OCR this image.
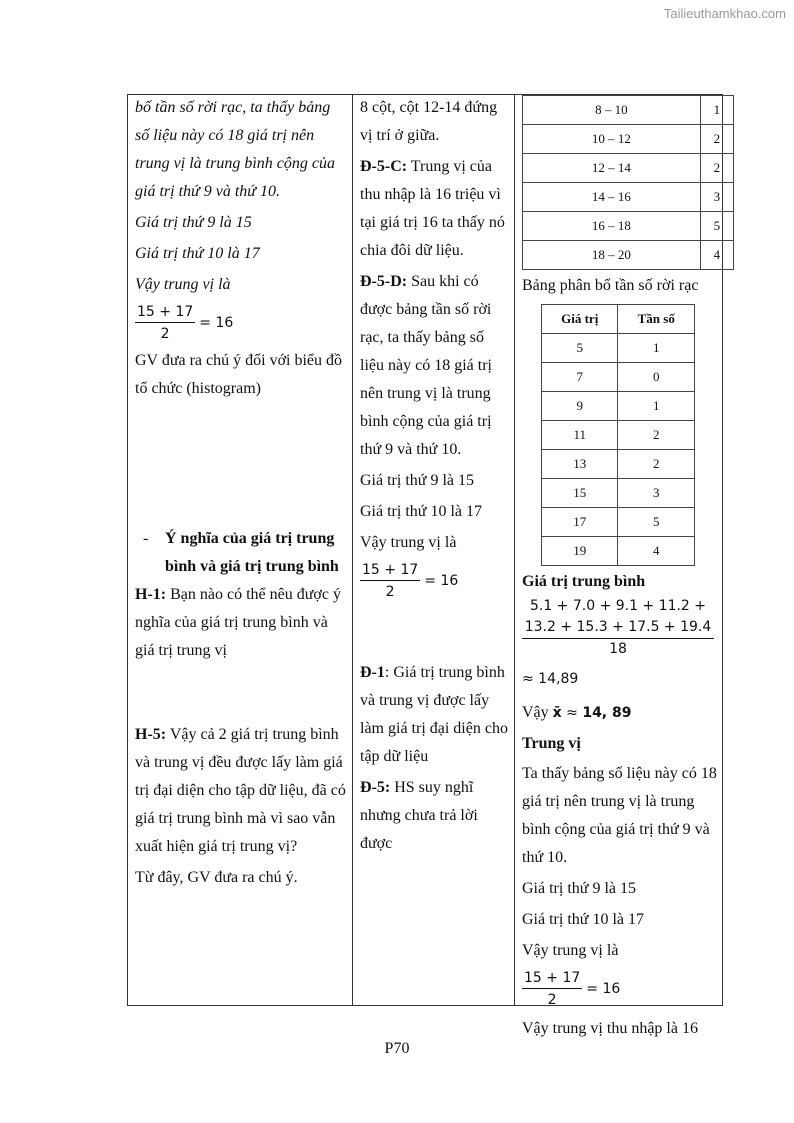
Tailieuthamkhao.com

bố tần số rời rạc, ta thấy bảng số liệu này có 18 giá trị nên trung vị là trung bình cộng của giá trị thứ 9 và thứ 10.

Giá trị thứ 9 là 15

Giá trị thứ 10 là 17

Vậy trung vị là

$\frac{15 + 17}{2} = 16$

GV đưa ra chú ý đối với biểu đồ tổ chức (histogram)

-	Ý nghĩa của giá trị trung bình và giá trị trung bình

H-1: Bạn nào có thể nêu được ý nghĩa của giá trị trung bình và giá trị trung vị

H-5: Vậy cả 2 giá trị trung bình và trung vị đều được lấy làm giá trị đại diện cho tập dữ liệu, đã có giá trị trung bình mà vì sao vẫn xuất hiện giá trị trung vị?

Từ đây, GV đưa ra chú ý.

8 cột, cột 12-14 đứng vị trí ở giữa.

Đ-5-C: Trung vị của thu nhập là 16 triệu vì tại giá trị 16 ta thấy nó chia đôi dữ liệu.

Đ-5-D: Sau khi có được bảng tần số rời rạc, ta thấy bảng số liệu này có 18 giá trị nên trung vị là trung bình cộng của giá trị thứ 9 và thứ 10.

Giá trị thứ 9 là 15

Giá trị thứ 10 là 17

Vậy trung vị là

$\frac{15 + 17}{2} = 16$

Đ-1: Giá trị trung bình và trung vị được lấy làm giá trị đại diện cho tập dữ liệu

Đ-5: HS suy nghĩ nhưng chưa trả lời được

8 – 10	1
10 – 12	2
12 – 14	2
14 – 16	3
16 – 18	5
18 – 20	4

Bảng phân bố tần số rời rạc

Giá trị	Tần số
5	1
7	0
9	1
11	2
13	2
15	3
17	5
19	4

Giá trị trung bình

5.1 + 7.0 + 9.1 + 11.2 +
13.2 + 15.3 + 17.5 + 19.4
18

≈ 14,89

Vậy x̄ ≈ 14, 89

Trung vị

Ta thấy bảng số liệu này có 18 giá trị nên trung vị là trung bình cộng của giá trị thứ 9 và thứ 10.

Giá trị thứ 9 là 15

Giá trị thứ 10 là 17

Vậy trung vị là

$\frac{15 + 17}{2} = 16$

Vậy trung vị thu nhập là 16

P70
